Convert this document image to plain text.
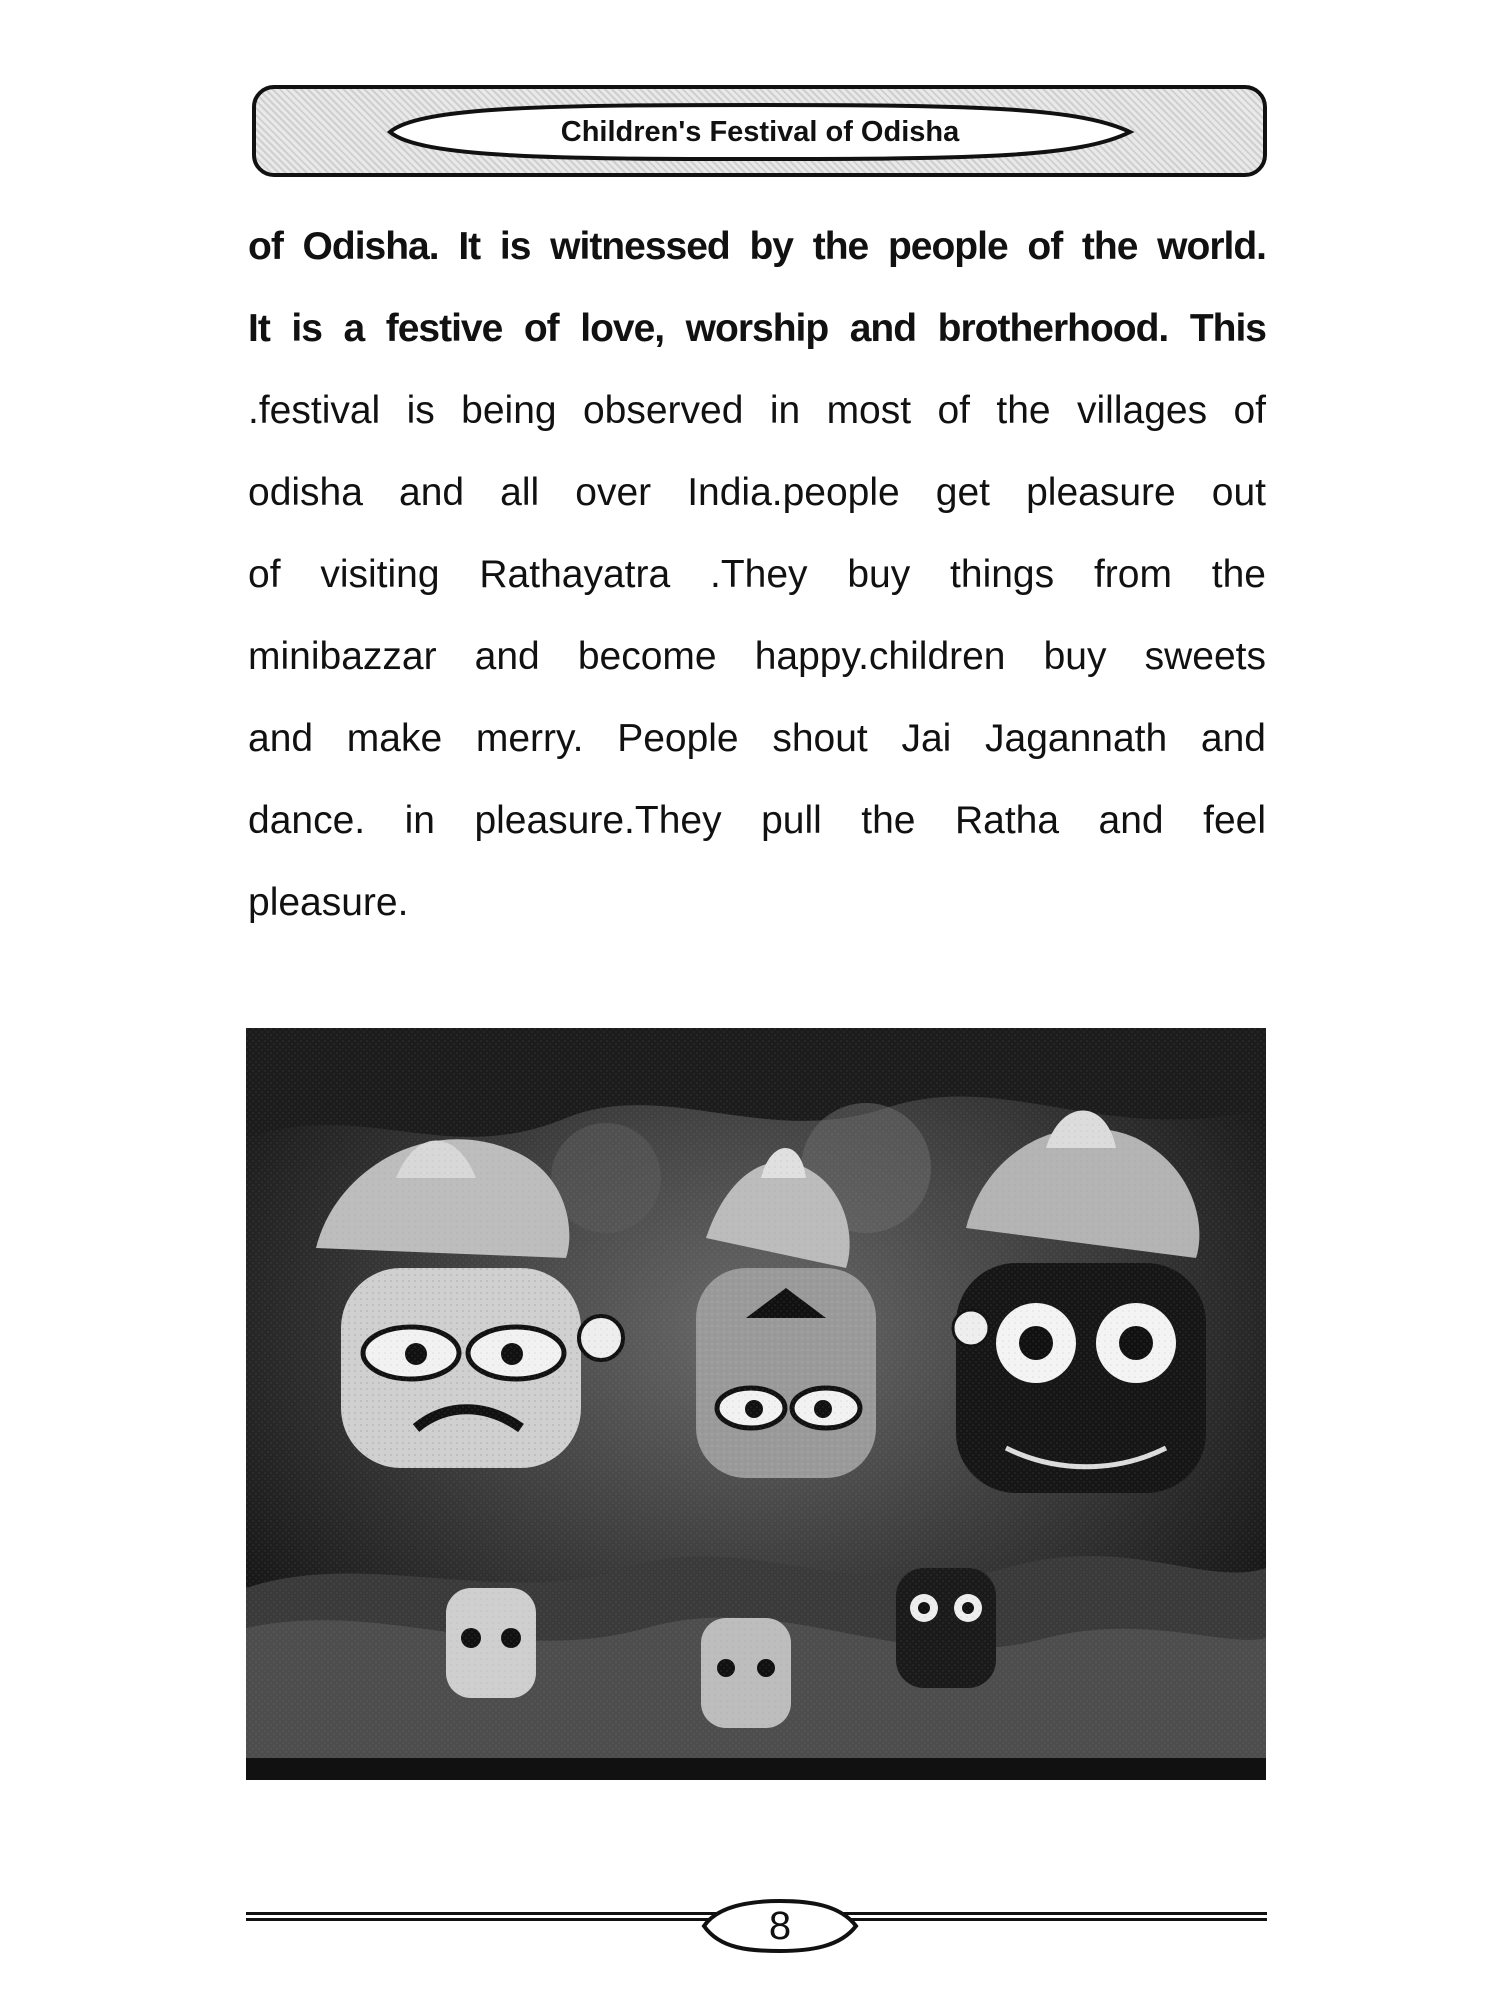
Children's Festival of Odisha
of Odisha. It is witnessed by the people of the world.
It is a festive of love, worship and brotherhood. This
.festival is being observed in most of the villages of
odisha and all over India.people get pleasure out
of visiting Rathayatra .They buy things from the
minibazzar and become happy.children buy sweets
and make merry. People shout Jai Jagannath and
dance. in pleasure.They pull the Ratha and feel
pleasure.
8
